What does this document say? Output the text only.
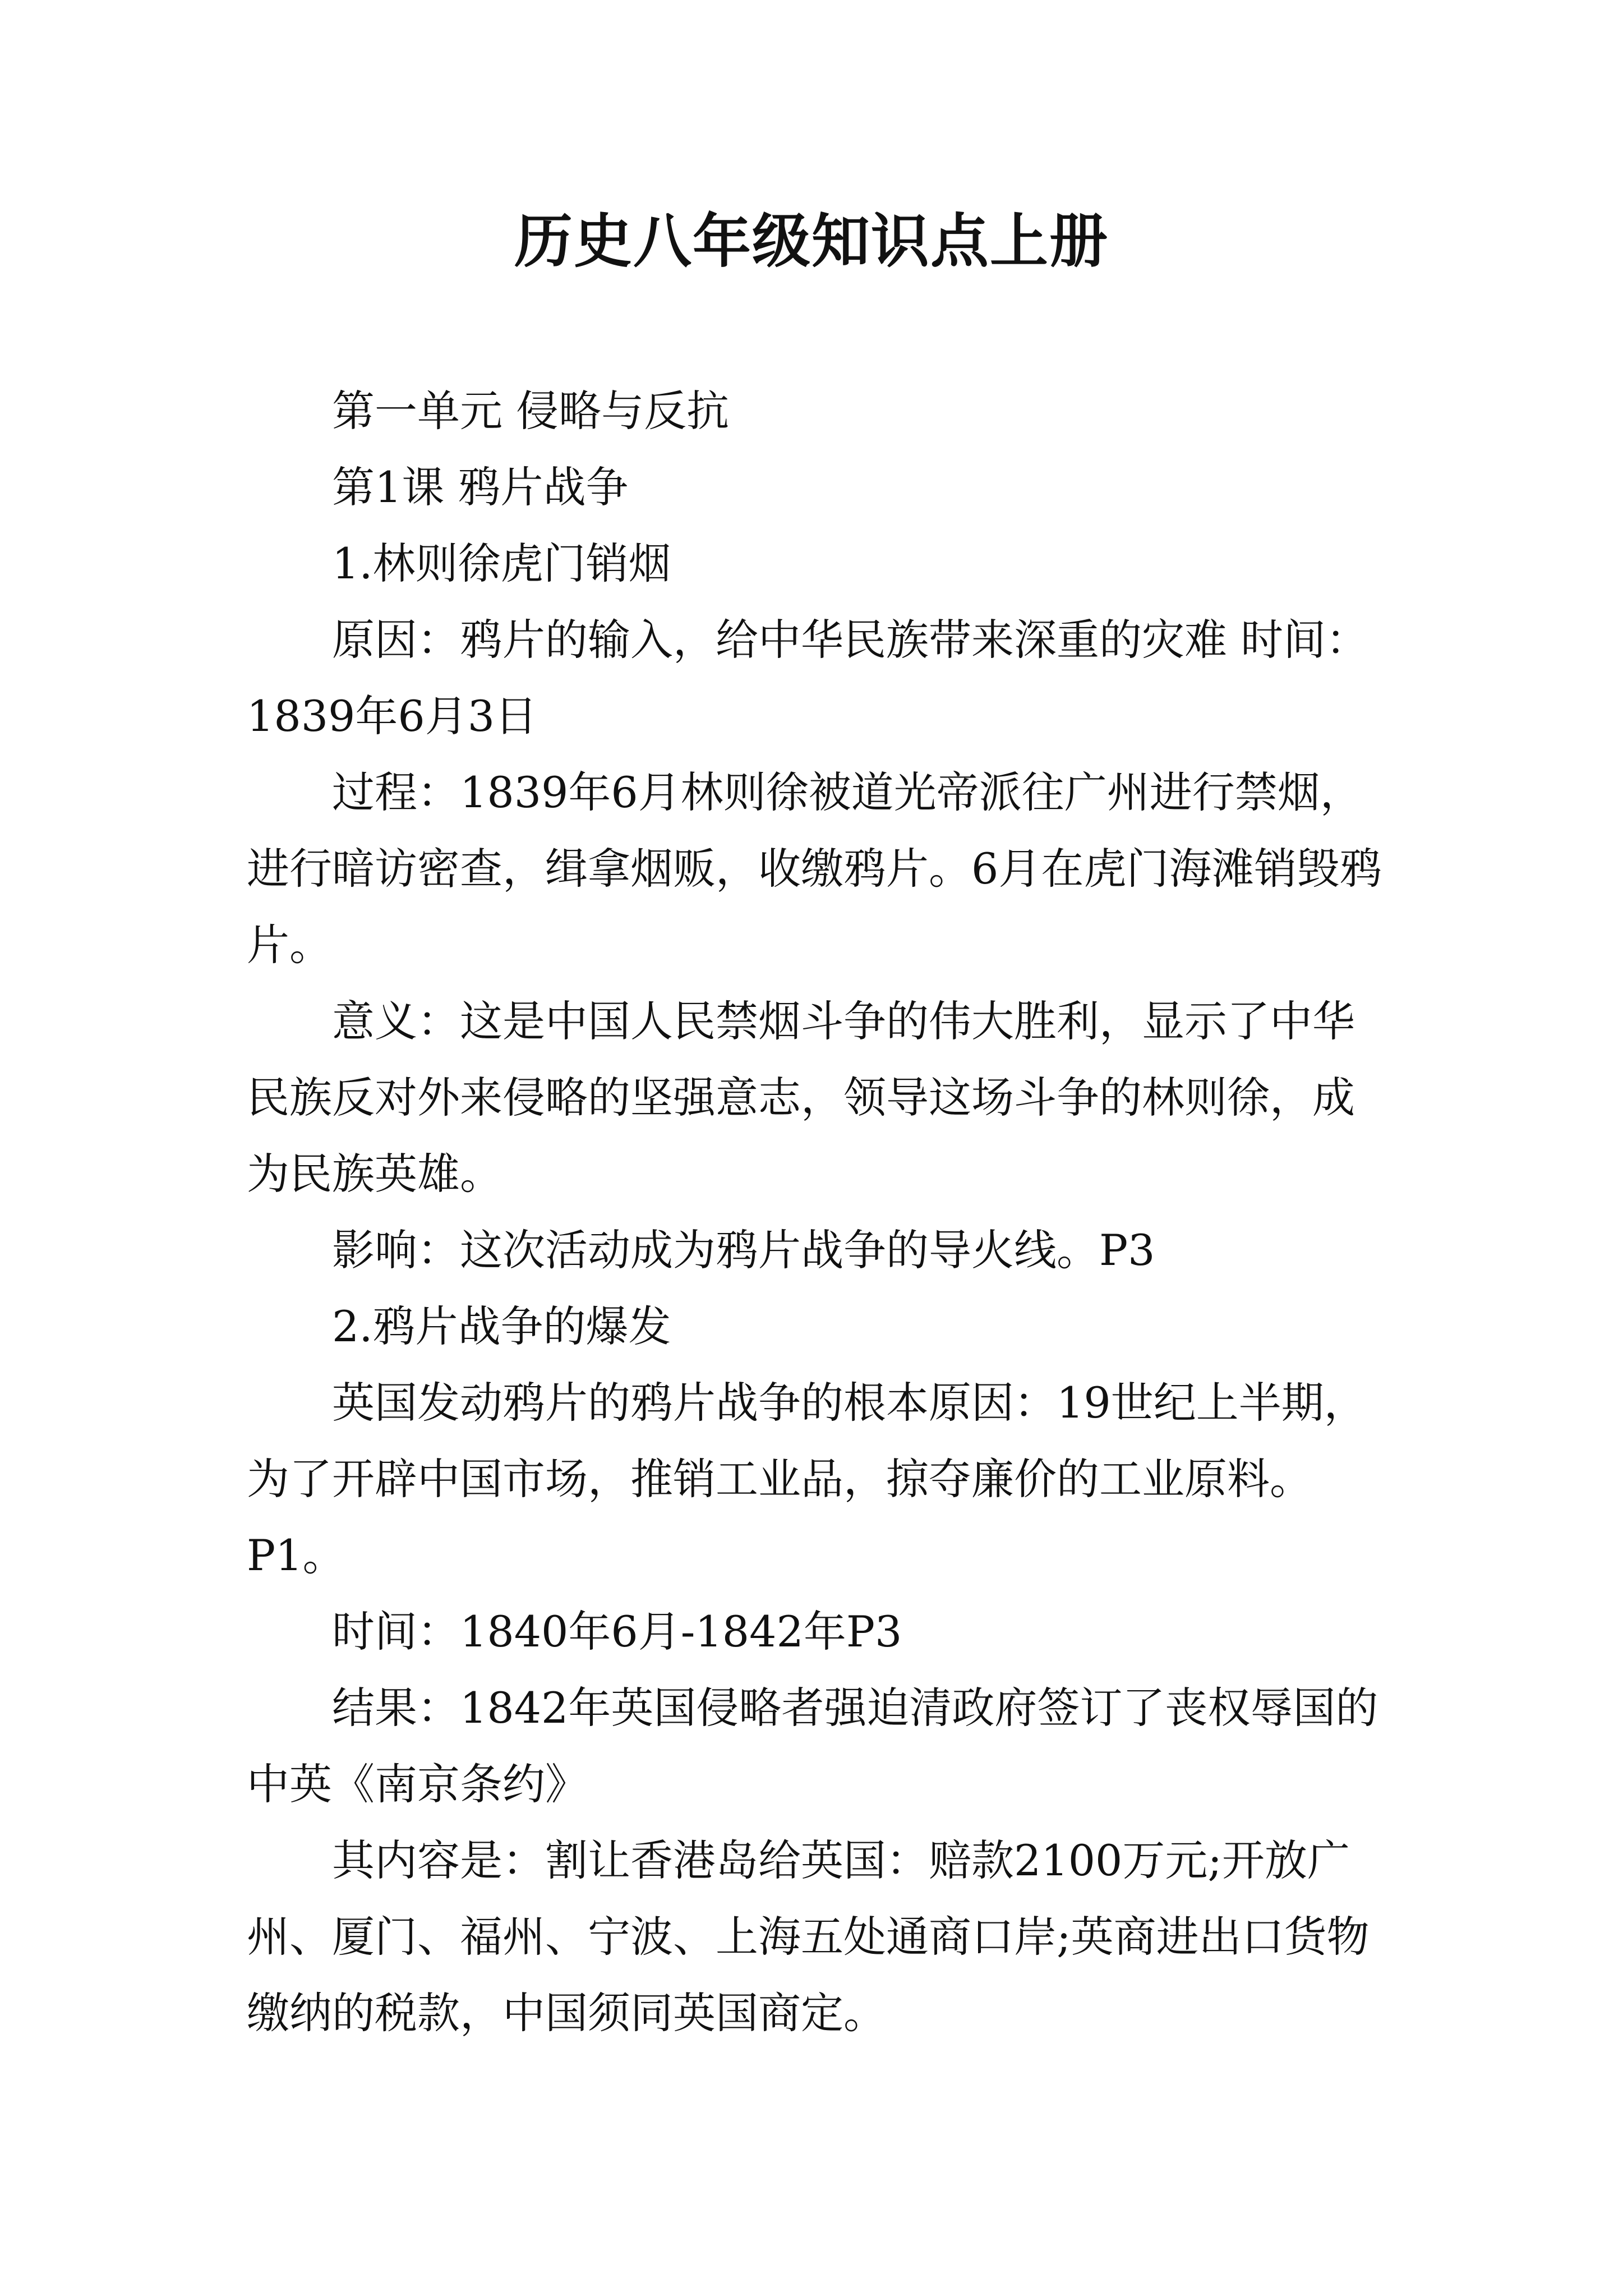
历史八年级知识点上册

第一单元 侵略与反抗

第1课 鸦片战争

1.林则徐虎门销烟

原因：鸦片的输入，给中华民族带来深重的灾难 时间：1839年6月3日

过程：1839年6月林则徐被道光帝派往广州进行禁烟，进行暗访密查，缉拿烟贩，收缴鸦片。6月在虎门海滩销毁鸦片。

意义：这是中国人民禁烟斗争的伟大胜利，显示了中华民族反对外来侵略的坚强意志，领导这场斗争的林则徐，成为民族英雄。

影响：这次活动成为鸦片战争的导火线。P3

2.鸦片战争的爆发

英国发动鸦片的鸦片战争的根本原因：19世纪上半期，为了开辟中国市场，推销工业品，掠夺廉价的工业原料。P1。

时间：1840年6月-1842年P3

结果：1842年英国侵略者强迫清政府签订了丧权辱国的中英《南京条约》

其内容是：割让香港岛给英国：赔款2100万元;开放广州、厦门、福州、宁波、上海五处通商口岸;英商进出口货物缴纳的税款，中国须同英国商定。
